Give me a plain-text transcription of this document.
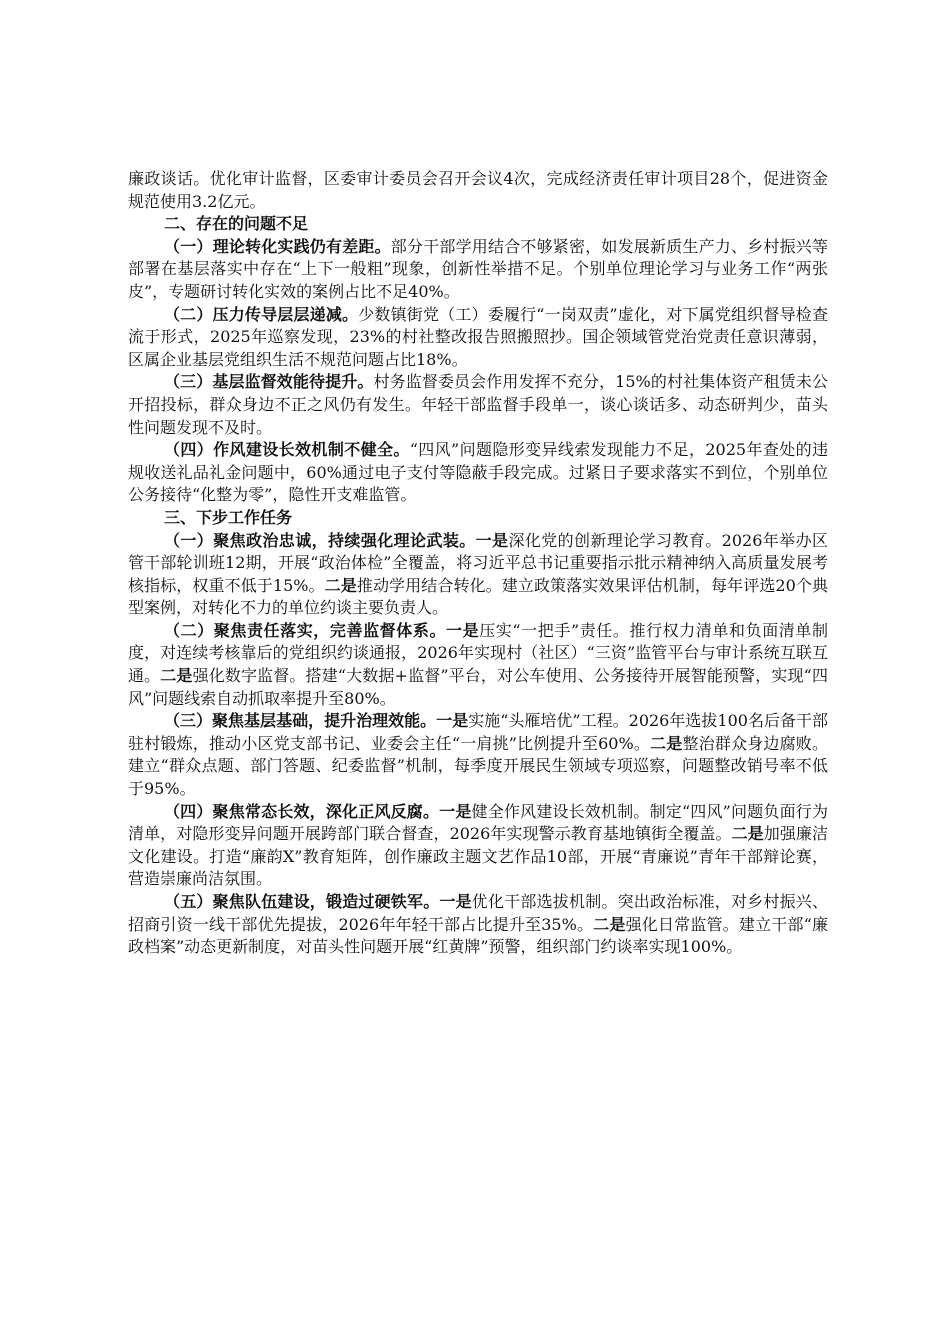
廉政谈话。优化审计监督，区委审计委员会召开会议4次，完成经济责任审计项目28个，促进资金规范使用3.2亿元。

二、存在的问题不足

（一）理论转化实践仍有差距。部分干部学用结合不够紧密，如发展新质生产力、乡村振兴等部署在基层落实中存在“上下一般粗”现象，创新性举措不足。个别单位理论学习与业务工作“两张皮”，专题研讨转化实效的案例占比不足40%。

（二）压力传导层层递减。少数镇街党（工）委履行“一岗双责”虚化，对下属党组织督导检查流于形式，2025年巡察发现，23%的村社整改报告照搬照抄。国企领域管党治党责任意识薄弱，区属企业基层党组织生活不规范问题占比18%。

（三）基层监督效能待提升。村务监督委员会作用发挥不充分，15%的村社集体资产租赁未公开招投标，群众身边不正之风仍有发生。年轻干部监督手段单一，谈心谈话多、动态研判少，苗头性问题发现不及时。

（四）作风建设长效机制不健全。“四风”问题隐形变异线索发现能力不足，2025年查处的违规收送礼品礼金问题中，60%通过电子支付等隐蔽手段完成。过紧日子要求落实不到位，个别单位公务接待“化整为零”，隐性开支难监管。

三、下步工作任务

（一）聚焦政治忠诚，持续强化理论武装。一是深化党的创新理论学习教育。2026年举办区管干部轮训班12期，开展“政治体检”全覆盖，将习近平总书记重要指示批示精神纳入高质量发展考核指标，权重不低于15%。二是推动学用结合转化。建立政策落实效果评估机制，每年评选20个典型案例，对转化不力的单位约谈主要负责人。

（二）聚焦责任落实，完善监督体系。一是压实“一把手”责任。推行权力清单和负面清单制度，对连续考核靠后的党组织约谈通报，2026年实现村（社区）“三资”监管平台与审计系统互联互通。二是强化数字监督。搭建“大数据+监督”平台，对公车使用、公务接待开展智能预警，实现“四风”问题线索自动抓取率提升至80%。

（三）聚焦基层基础，提升治理效能。一是实施“头雁培优”工程。2026年选拔100名后备干部驻村锻炼，推动小区党支部书记、业委会主任“一肩挑”比例提升至60%。二是整治群众身边腐败。建立“群众点题、部门答题、纪委监督”机制，每季度开展民生领域专项巡察，问题整改销号率不低于95%。

（四）聚焦常态长效，深化正风反腐。一是健全作风建设长效机制。制定“四风”问题负面行为清单，对隐形变异问题开展跨部门联合督查，2026年实现警示教育基地镇街全覆盖。二是加强廉洁文化建设。打造“廉韵X”教育矩阵，创作廉政主题文艺作品10部，开展“青廉说”青年干部辩论赛，营造崇廉尚洁氛围。

（五）聚焦队伍建设，锻造过硬铁军。一是优化干部选拔机制。突出政治标准，对乡村振兴、招商引资一线干部优先提拔，2026年年轻干部占比提升至35%。二是强化日常监管。建立干部“廉政档案”动态更新制度，对苗头性问题开展“红黄牌”预警，组织部门约谈率实现100%。
